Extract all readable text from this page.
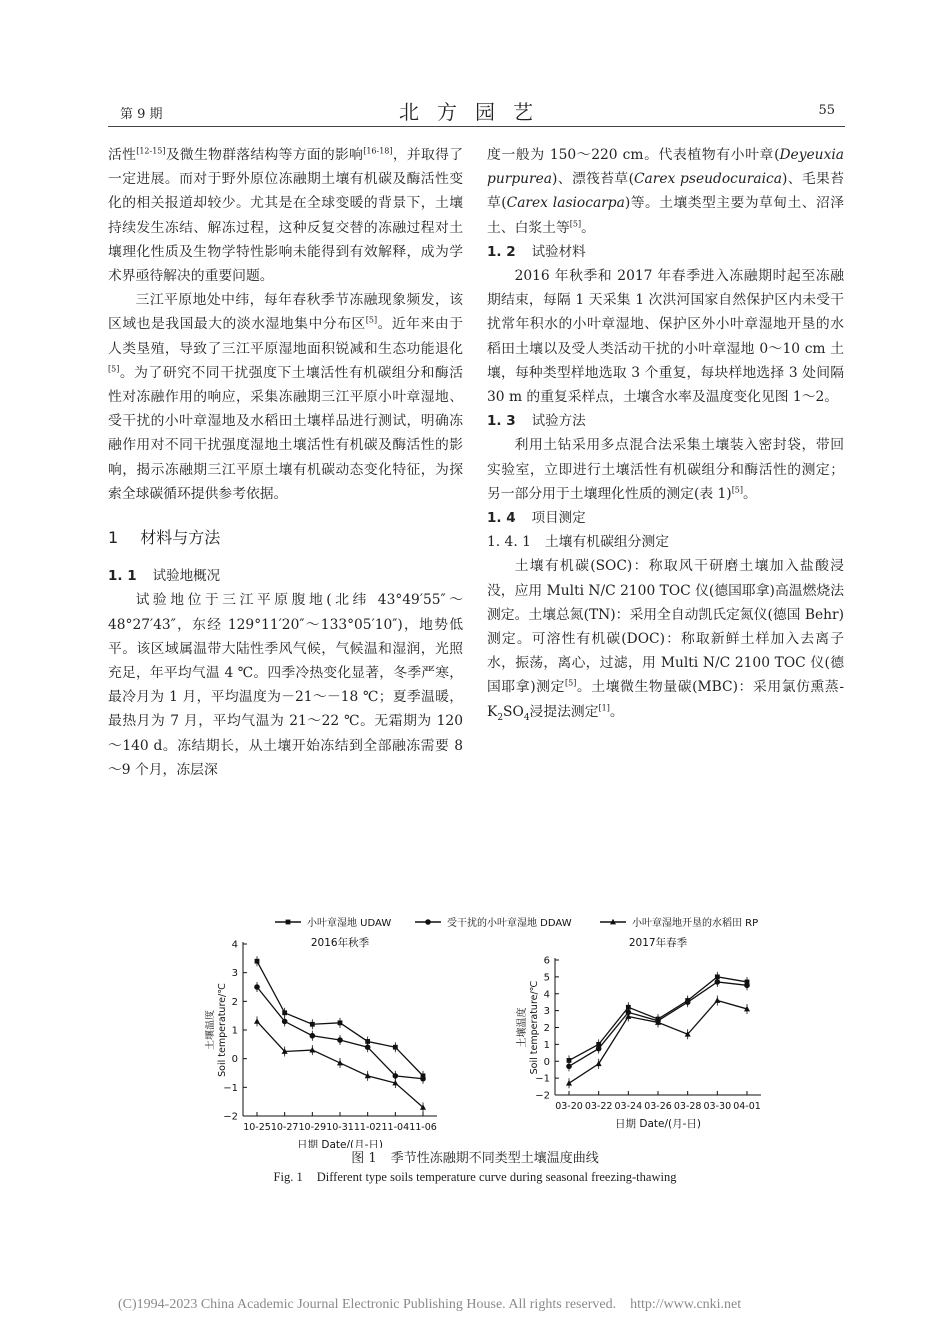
第 9 期	北方园艺	55

活性[12-15]及微生物群落结构等方面的影响[16-18]，并取得了一定进展。而对于野外原位冻融期土壤有机碳及酶活性变化的相关报道却较少。尤其是在全球变暖的背景下，土壤持续发生冻结、解冻过程，这种反复交替的冻融过程对土壤理化性质及生物学特性影响未能得到有效解释，成为学术界亟待解决的重要问题。

三江平原地处中纬，每年春秋季节冻融现象频发，该区域也是我国最大的淡水湿地集中分布区[5]。近年来由于人类垦殖，导致了三江平原湿地面积锐减和生态功能退化[5]。为了研究不同干扰强度下土壤活性有机碳组分和酶活性对冻融作用的响应，采集冻融期三江平原小叶章湿地、受干扰的小叶章湿地及水稻田土壤样品进行测试，明确冻融作用对不同干扰强度湿地土壤活性有机碳及酶活性的影响，揭示冻融期三江平原土壤有机碳动态变化特征，为探索全球碳循环提供参考依据。

1 材料与方法

1. 1 试验地概况

试验地位于三江平原腹地(北纬 43°49′55″～48°27′43″，东经 129°11′20″～133°05′10″)，地势低平。该区域属温带大陆性季风气候，气候温和湿润，光照充足，年平均气温 4 ℃。四季冷热变化显著，冬季严寒，最冷月为 1 月，平均温度为－21～－18 ℃；夏季温暖，最热月为 7 月，平均气温为 21～22 ℃。无霜期为 120～140 d。冻结期长，从土壤开始冻结到全部融冻需要 8～9 个月，冻层深

度一般为 150～220 cm。代表植物有小叶章(Deyeuxia purpurea)、漂筏苔草(Carex pseudocuraica)、毛果苔草(Carex lasiocarpa)等。土壤类型主要为草甸土、沼泽土、白浆土等[5]。

1. 2 试验材料

2016 年秋季和 2017 年春季进入冻融期时起至冻融期结束，每隔 1 天采集 1 次洪河国家自然保护区内未受干扰常年积水的小叶章湿地、保护区外小叶章湿地开垦的水稻田土壤以及受人类活动干扰的小叶章湿地 0～10 cm 土壤，每种类型样地选取 3 个重复，每块样地选择 3 处间隔 30 m 的重复采样点，土壤含水率及温度变化见图 1～2。

1. 3 试验方法

利用土钻采用多点混合法采集土壤装入密封袋，带回实验室，立即进行土壤活性有机碳组分和酶活性的测定；另一部分用于土壤理化性质的测定(表 1)[5]。

1. 4 项目测定

1. 4. 1 土壤有机碳组分测定

土壤有机碳(SOC)：称取风干研磨土壤加入盐酸浸没，应用 Multi N/C 2100 TOC 仪(德国耶拿)高温燃烧法测定。土壤总氮(TN)：采用全自动凯氏定氮仪(德国 Behr)测定。可溶性有机碳(DOC)：称取新鲜土样加入去离子水，振荡，离心，过滤，用 Multi N/C 2100 TOC 仪(德国耶拿)测定[5]。土壤微生物量碳(MBC)：采用氯仿熏蒸$-K_2SO_4$浸提法测定[1]。

小叶章湿地 UDAW	受干扰的小叶章湿地 DDAW	小叶章湿地开垦的水稻田 RP
−2
−1
0
1
2
3
4
10-25 10-27 10-29 10-31 11-02 11-04 11-06
2016年秋季
土壤温度 Soil temperature/℃
日期 Date/(月-日)
−2
−1
0
1
2
3
4
5
6
03-20 03-22 03-24 03-26 03-28 03-30 04-01
2017年春季
土壤温度 Soil temperature/℃
日期 Date/(月-日)
图 1 季节性冻融期不同类型土壤温度曲线
Fig. 1 Different type soils temperature curve during seasonal freezing-thawing
(C)1994-2023 China Academic Journal Electronic Publishing House. All rights reserved. http://www.cnki.net
